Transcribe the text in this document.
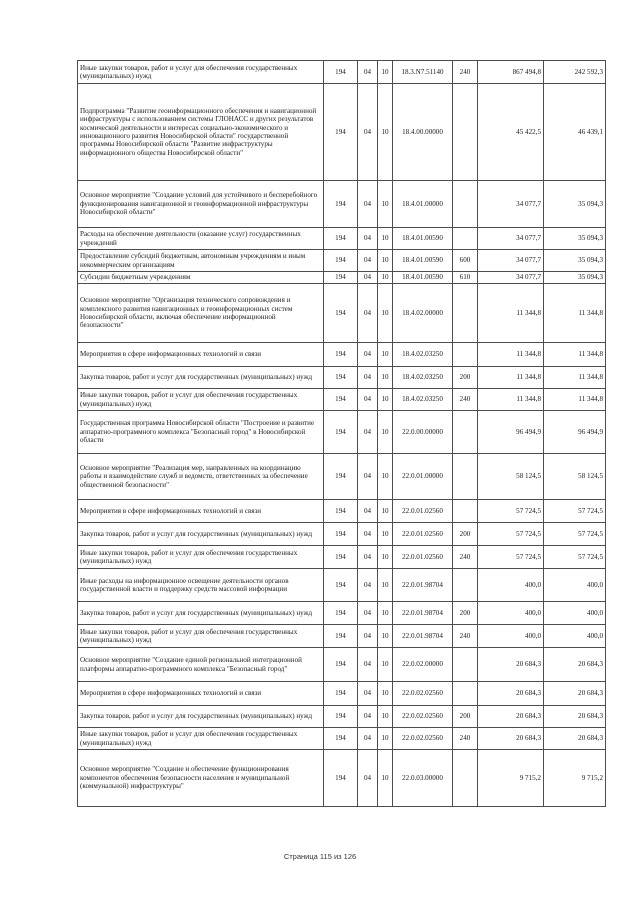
Иные закупки товаров, работ и услуг для обеспечения государственных (муниципальных) нужд	194	04	10	18.3.N7.51140	240	867 494,8	242 592,3
Подпрограмма "Развитие геоинформационного обеспечения и навигационной инфраструктуры с использованием системы ГЛОНАСС и других результатов космической деятельности в интересах социально-экономического и инновационного развития Новосибирской области" государственной программы Новосибирской области "Развитие инфраструктуры информационного общества Новосибирской области"	194	04	10	18.4.00.00000		45 422,5	46 439,1
Основное мероприятие "Создание условий для устойчивого и бесперебойного функционирования навигационной и геоинформационной инфраструктуры Новосибирской области"	194	04	10	18.4.01.00000		34 077,7	35 094,3
Расходы на обеспечение деятельности (оказание услуг) государственных учреждений	194	04	10	18.4.01.00590		34 077,7	35 094,3
Предоставление субсидий бюджетным, автономным учреждениям и иным некоммерческим организациям	194	04	10	18.4.01.00590	600	34 077,7	35 094,3
Субсидии бюджетным учреждениям	194	04	10	18.4.01.00590	610	34 077,7	35 094,3
Основное мероприятие "Организация технического сопровождения и комплексного развития навигационных и геоинформационных систем Новосибирской области, включая обеспечение информационной безопасности"	194	04	10	18.4.02.00000		11 344,8	11 344,8
Мероприятия в сфере информационных технологий и связи	194	04	10	18.4.02.03250		11 344,8	11 344,8
Закупка товаров, работ и услуг для государственных (муниципальных) нужд	194	04	10	18.4.02.03250	200	11 344,8	11 344,8
Иные закупки товаров, работ и услуг для обеспечения государственных (муниципальных) нужд	194	04	10	18.4.02.03250	240	11 344,8	11 344,8
Государственная программа Новосибирской области "Построение и развитие аппаратно-программного комплекса "Безопасный город" в Новосибирской области	194	04	10	22.0.00.00000		96 494,9	96 494,9
Основное мероприятие "Реализация мер, направленных на координацию работы и взаимодействие служб и ведомств, ответственных за обеспечение общественной безопасности"	194	04	10	22.0.01.00000		58 124,5	58 124,5
Мероприятия в сфере информационных технологий и связи	194	04	10	22.0.01.02560		57 724,5	57 724,5
Закупка товаров, работ и услуг для государственных (муниципальных) нужд	194	04	10	22.0.01.02560	200	57 724,5	57 724,5
Иные закупки товаров, работ и услуг для обеспечения государственных (муниципальных) нужд	194	04	10	22.0.01.02560	240	57 724,5	57 724,5
Иные расходы на информационное освещение деятельности органов государственной власти и поддержку средств массовой информации	194	04	10	22.0.01.98704		400,0	400,0
Закупка товаров, работ и услуг для государственных (муниципальных) нужд	194	04	10	22.0.01.98704	200	400,0	400,0
Иные закупки товаров, работ и услуг для обеспечения государственных (муниципальных) нужд	194	04	10	22.0.01.98704	240	400,0	400,0
Основное мероприятие "Создание единой региональной интеграционной платформы аппаратно-программного комплекса "Безопасный город"	194	04	10	22.0.02.00000		20 684,3	20 684,3
Мероприятия в сфере информационных технологий и связи	194	04	10	22.0.02.02560		20 684,3	20 684,3
Закупка товаров, работ и услуг для государственных (муниципальных) нужд	194	04	10	22.0.02.02560	200	20 684,3	20 684,3
Иные закупки товаров, работ и услуг для обеспечения государственных (муниципальных) нужд	194	04	10	22.0.02.02560	240	20 684,3	20 684,3
Основное мероприятие "Создание и обеспечение функционирования компонентов обеспечения безопасности населения и муниципальной (коммунальной) инфраструктуры"	194	04	10	22.0.03.00000		9 715,2	9 715,2
Страница 115 из 126
